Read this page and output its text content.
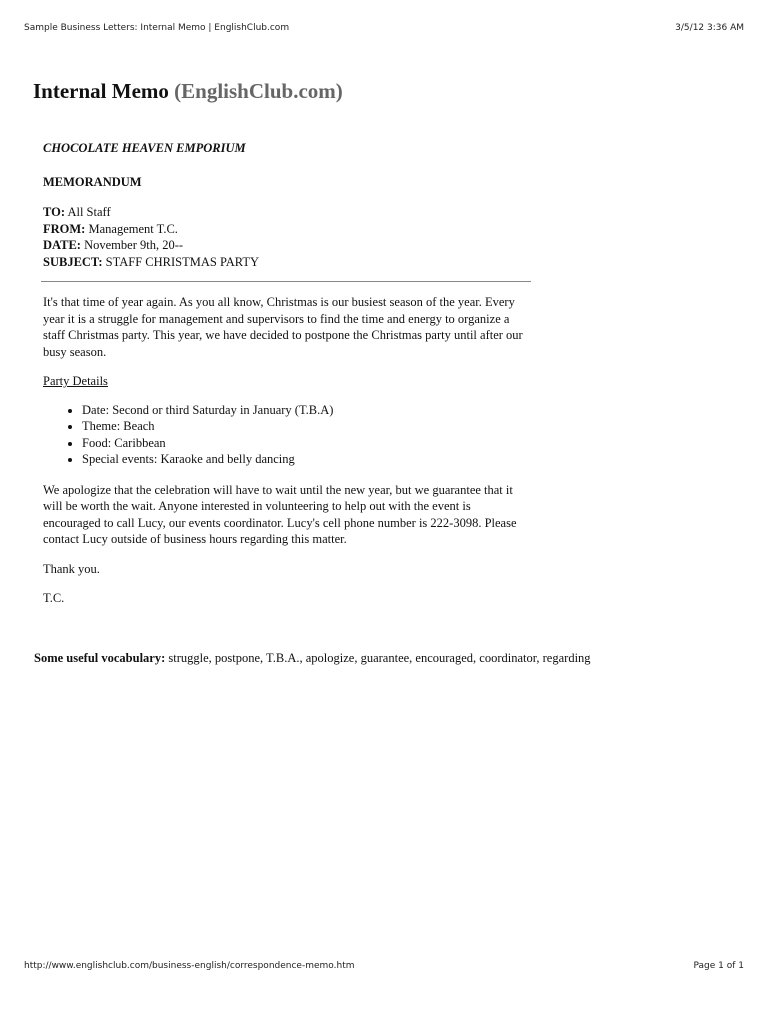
Sample Business Letters: Internal Memo | EnglishClub.com	3/5/12 3:36 AM
Internal Memo (EnglishClub.com)

CHOCOLATE HEAVEN EMPORIUM

MEMORANDUM

TO: All Staff

FROM: Management T.C.

DATE: November 9th, 20--

SUBJECT: STAFF CHRISTMAS PARTY

It's that time of year again. As you all know, Christmas is our busiest season of the year. Every year it is a struggle for management and supervisors to find the time and energy to organize a staff Christmas party. This year, we have decided to postpone the Christmas party until after our busy season.

Party Details

• Date: Second or third Saturday in January (T.B.A)
• Theme: Beach
• Food: Caribbean
• Special events: Karaoke and belly dancing

We apologize that the celebration will have to wait until the new year, but we guarantee that it will be worth the wait. Anyone interested in volunteering to help out with the event is encouraged to call Lucy, our events coordinator. Lucy's cell phone number is 222-3098. Please contact Lucy outside of business hours regarding this matter.

Thank you.

T.C.

Some useful vocabulary: struggle, postpone, T.B.A., apologize, guarantee, encouraged, coordinator, regarding

http://www.englishclub.com/business-english/correspondence-memo.htm	Page 1 of 1
